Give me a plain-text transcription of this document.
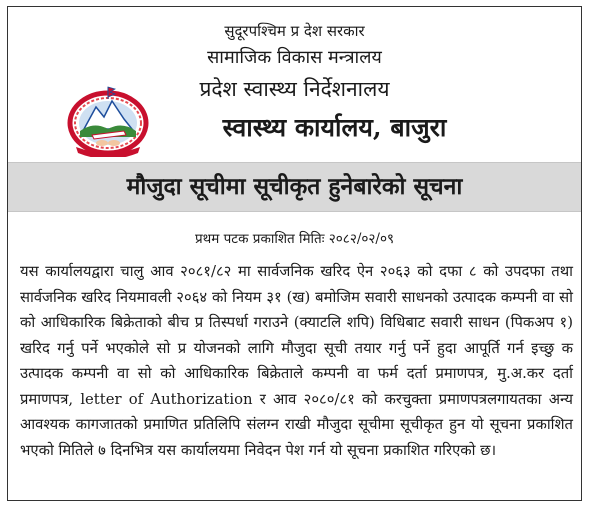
सुदूरपश्चिम प्र देश सरकार
सामाजिक विकास मन्त्रालय
प्रदेश स्वास्थ्य निर्देशनालय
स्वास्थ्य कार्यालय, बाजुरा
मौजुदा सूचीमा सूचीकृत हुनेबारेको सूचना
प्रथम पटक प्रकाशित मितिः २०८२/०२/०९
यस कार्यालयद्वारा चालु आव २०८१/८२ मा सार्वजनिक खरिद ऐन २०६३ को दफा ८ को उपदफा तथा सार्वजनिक खरिद नियमावली २०६४ को नियम ३१ (ख) बमोजिम सवारी साधनको उत्पादक कम्पनी वा सो को आधिकारिक बिक्रेताको बीच प्र तिस्पर्धा गराउने (क्याटलि शपि) विधिबाट सवारी साधन (पिकअप १) खरिद गर्नु पर्ने भएकोले सो प्र योजनको लागि मौजुदा सूची तयार गर्नु पर्ने हुदा आपूर्ति गर्न इच्छु क उत्पादक कम्पनी वा सो को आधिकारिक बिक्रेताले कम्पनी वा फर्म दर्ता प्रमाणपत्र, मु.अ.कर दर्ता प्रमाणपत्र, letter of Authorization र आव २०८०/८१ को करचुक्ता प्रमाणपत्रलगायतका अन्य आवश्यक कागजातको प्रमाणित प्रतिलिपि संलग्न राखी मौजुदा सूचीमा सूचीकृत हुन यो सूचना प्रकाशित भएको मितिले ७ दिनभित्र यस कार्यालयमा निवेदन पेश गर्न यो सूचना प्रकाशित गरिएको छ।
